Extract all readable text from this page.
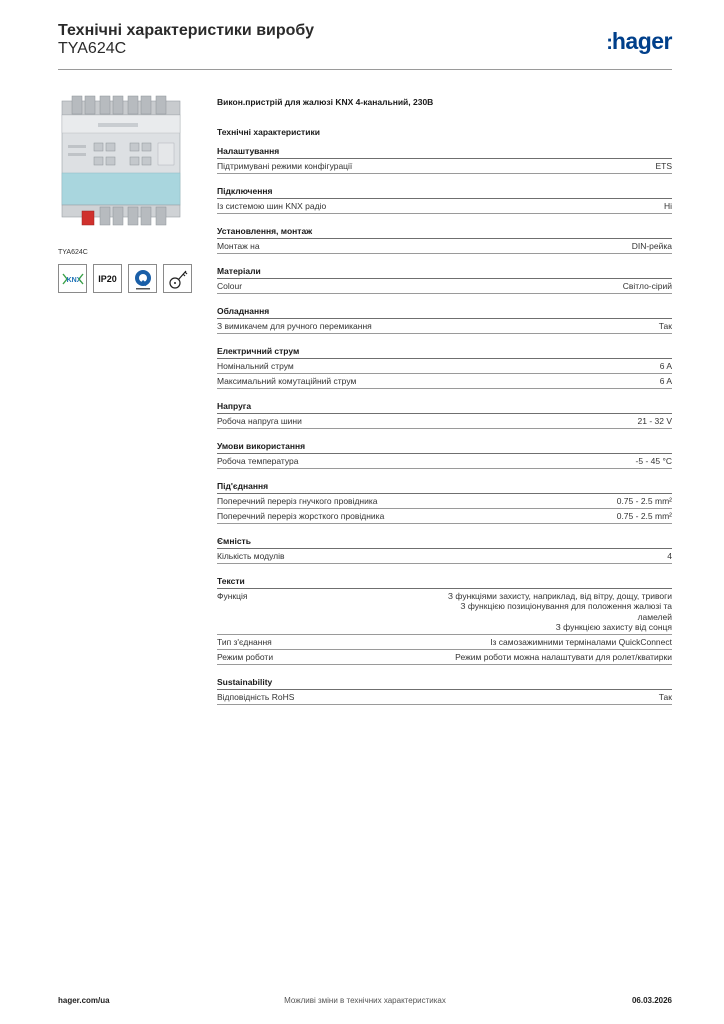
Технічні характеристики виробу
TYA624C	:hager
TYA624C
KNX IP20
Викон.пристрій для жалюзі KNX 4-канальний, 230В
Технічні характеристики
Налаштування
Підтримувані режими конфігурації	ETS
Підключення
Із системою шин KNX радіо	Ні
Установлення, монтаж
Монтаж на	DIN-рейка
Матеріали
Colour	Світло-сірий
Обладнання
З вимикачем для ручного перемикання	Так
Електричний струм
Номінальний струм	6 A
Максимальний комутаційний струм	6 A
Напруга
Робоча напруга шини	21 - 32 V
Умови використання
Робоча температура	-5 - 45 °C
Під'єднання
Поперечний переріз гнучкого провідника	0.75 - 2.5 mm²
Поперечний переріз жорсткого провідника	0.75 - 2.5 mm²
Ємність
Кількість модулів	4
Тексти
Функція	З функціями захисту, наприклад, від вітру, дощу, тривоги
З функцією позиціонування для положення жалюзі та
ламелей
З функцією захисту від сонця
Тип з'єднання	Із самозажимними терміналами QuickConnect
Режим роботи	Режим роботи можна налаштувати для ролет/кватирки
Sustainability
Відповідність RoHS	Так
Можливі зміни в технічних характеристиках
hager.com/ua	06.03.2026
